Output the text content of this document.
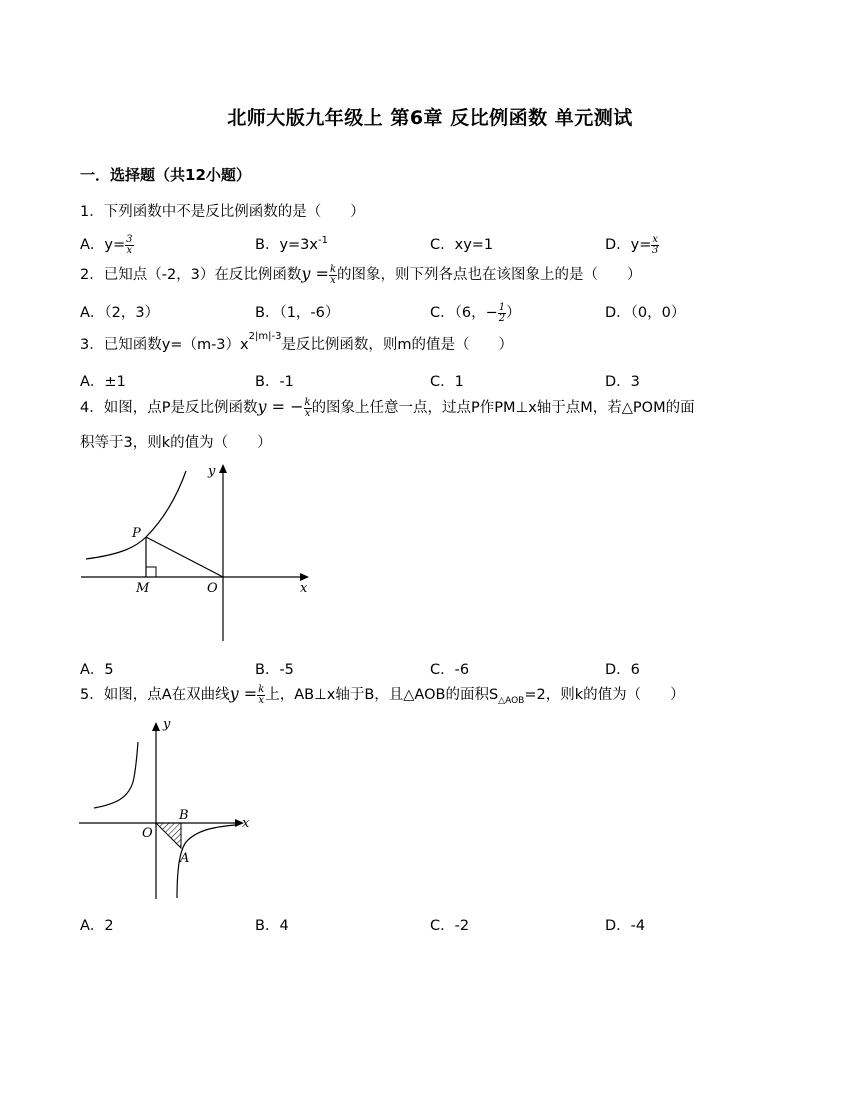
北师大版九年级上 第6章 反比例函数 单元测试
一．选择题（共12小题）
1．下列函数中不是反比例函数的是（　　）
A．$y= \frac{3}{x}$	B．$y=3x^{-1}$	C．xy=1	D．$y= \frac{x}{3}$
2．已知点（-2，3）在反比例函数$y = \frac{k}{x}$ 的图象，则下列各点也在该图象上的是（　　）
A．（2，3）	B．（1，-6）	C．（6，− $\frac{1}{2}$ ）	D．（0，0）
3．已知函数$y=(m-3)x^{2|m|-3}$是反比例函数，则m的值是（　　）
A．±1	B．-1	C．1	D．3
4．如图，点P是反比例函数y = − $\frac{k}{x}$ 的图象上任意一点，过点P作PM⊥x轴于点M，若△POM的面
积等于3，则k的值为（　　）
P
M	O	x
y
A．5	B．-5	C．-6	D．6
5．如图，点A在双曲线$y = \frac{k}{x}$ 上，AB⊥x轴于B，且△AOB的面积$S_{\triangle AOB}=2$，则k的值为（　　）
B
O
A
x
y
A．2	B．4	C．-2	D．-4
